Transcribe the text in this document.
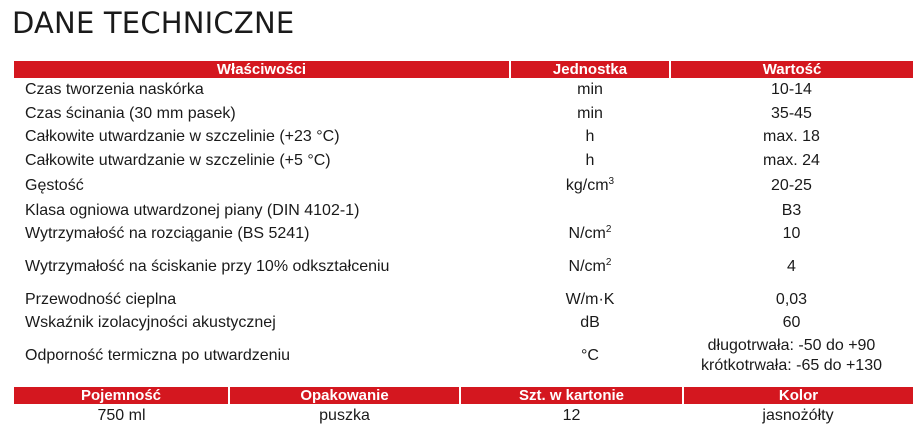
DANE TECHNICZNE
Właściwości	Jednostka	Wartość
Czas tworzenia naskórka	min	10-14
Czas ścinania (30 mm pasek)	min	35-45
Całkowite utwardzanie w szczelinie (+23 °C)	h	max. 18
Całkowite utwardzanie w szczelinie (+5 °C)	h	max. 24
Gęstość	$kg/cm^3$	20-25
Klasa ogniowa utwardzonej piany (DIN 4102-1)		B3
Wytrzymałość na rozciąganie (BS 5241)	$N/cm^2$	10
Wytrzymałość na ściskanie przy 10% odkształceniu	$N/cm^2$	4
Przewodność cieplna	W/m·K	0,03
Wskaźnik izolacyjności akustycznej	dB	60
Odporność termiczna po utwardzeniu	°C	długotrwała: -50 do +90
krótkotrwała: -65 do +130
Pojemność	Opakowanie	Szt. w kartonie	Kolor
750 ml	puszka	12	jasnożółty
